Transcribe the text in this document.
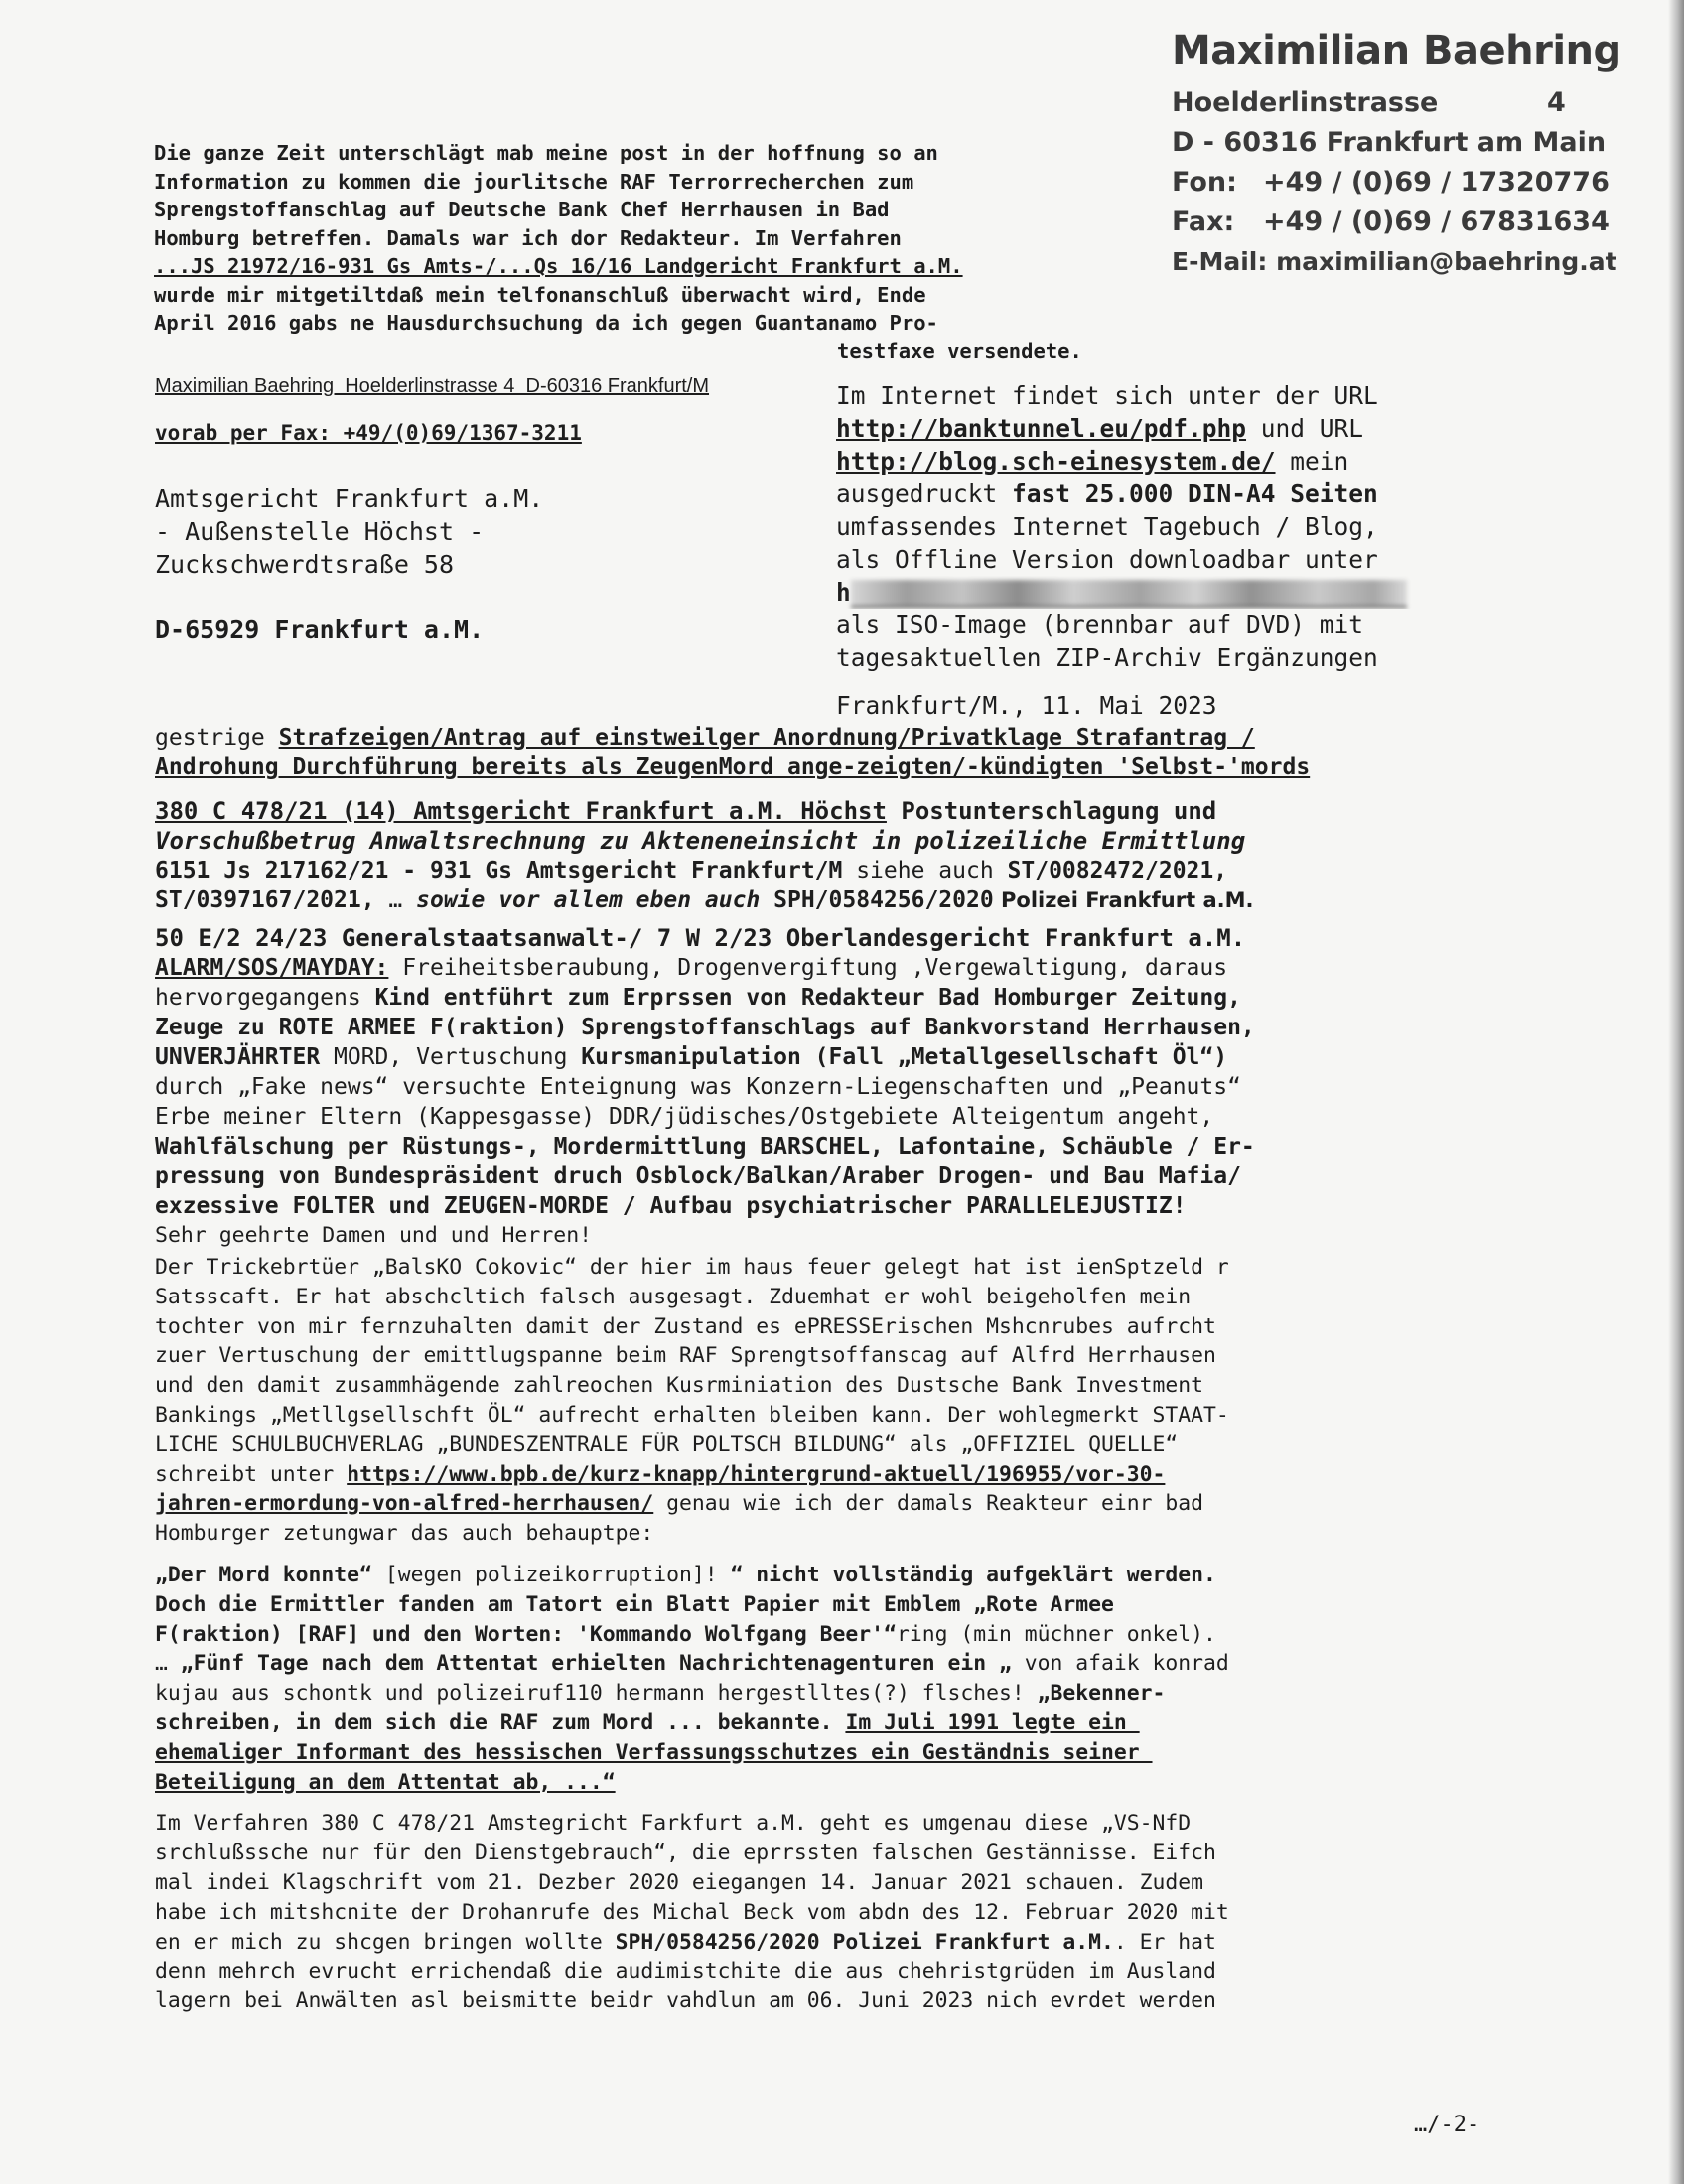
Maximilian Baehring
Hoelderlinstrasse	4
D - 60316 Frankfurt am Main
Fon: +49 / (0)69 / 17320776
Fax: +49 / (0)69 / 67831634
E-Mail: maximilian@baehring.at
Die ganze Zeit unterschlägt mab meine post in der hoffnung so an
Information zu kommen die jourlitsche RAF Terrorrecherchen zum
Sprengstoffanschlag auf Deutsche Bank Chef Herrhausen in Bad
Homburg betreffen. Damals war ich dor Redakteur. Im Verfahren
...JS 21972/16-931 Gs Amts-/...Qs 16/16 Landgericht Frankfurt a.M.
wurde mir mitgetiltdaß mein telfonanschluß überwacht wird, Ende
April 2016 gabs ne Hausdurchsuchung da ich gegen Guantanamo Pro-
testfaxe versendete.
Maximilian Baehring  Hoelderlinstrasse 4  D-60316 Frankfurt/M
vorab per Fax: +49/(0)69/1367-3211
Amtsgericht Frankfurt a.M.
- Außenstelle Höchst -
Zuckschwerdtsraße 58
D-65929 Frankfurt a.M.
Im Internet findet sich unter der URL
http://banktunnel.eu/pdf.php und URL
http://blog.sch-einesystem.de/ mein
ausgedruckt fast 25.000 DIN-A4 Seiten
umfassendes Internet Tagebuch / Blog,
als Offline Version downloadbar unter
h
als ISO-Image (brennbar auf DVD) mit
tagesaktuellen ZIP-Archiv Ergänzungen
Frankfurt/M., 11. Mai 2023
gestrige Strafzeigen/Antrag auf einstweilger Anordnung/Privatklage Strafantrag /
Androhung Durchführung bereits als ZeugenMord ange-zeigten/-kündigten 'Selbst-'mords
380 C 478/21 (14) Amtsgericht Frankfurt a.M. Höchst Postunterschlagung und
Vorschußbetrug Anwaltsrechnung zu Akteneneinsicht in polizeiliche Ermittlung
6151 Js 217162/21 - 931 Gs Amtsgericht Frankfurt/M siehe auch ST/0082472/2021,
ST/0397167/2021, … sowie vor allem eben auch SPH/0584256/2020 Polizei Frankfurt a.M.
50 E/2 24/23 Generalstaatsanwalt-/ 7 W 2/23 Oberlandesgericht Frankfurt a.M.
ALARM/SOS/MAYDAY: Freiheitsberaubung, Drogenvergiftung ,Vergewaltigung, daraus
hervorgegangens Kind entführt zum Erprssen von Redakteur Bad Homburger Zeitung,
Zeuge zu ROTE ARMEE F(raktion) Sprengstoffanschlags auf Bankvorstand Herrhausen,
UNVERJÄHRTER MORD, Vertuschung Kursmanipulation (Fall „Metallgesellschaft Öl“)
durch „Fake news“ versuchte Enteignung was Konzern-Liegenschaften und „Peanuts“
Erbe meiner Eltern (Kappesgasse) DDR/jüdisches/Ostgebiete Alteigentum angeht,
Wahlfälschung per Rüstungs-, Mordermittlung BARSCHEL, Lafontaine, Schäuble / Er-
pressung von Bundespräsident druch Osblock/Balkan/Araber Drogen- und Bau Mafia/
exzessive FOLTER und ZEUGEN-MORDE / Aufbau psychiatrischer PARALLELEJUSTIZ!
Sehr geehrte Damen und und Herren!
Der Trickebrtüer „BalsKO Cokovic“ der hier im haus feuer gelegt hat ist ienSptzeld r
Satsscaft. Er hat abschcltich falsch ausgesagt. Zduemhat er wohl beigeholfen mein
tochter von mir fernzuhalten damit der Zustand es ePRESSErischen Mshcnrubes aufrcht
zuer Vertuschung der emittlugspanne beim RAF Sprengtsoffanscag auf Alfrd Herrhausen
und den damit zusammhägende zahlreochen Kusrminiation des Dustsche Bank Investment
Bankings „Metllgsellschft ÖL“ aufrecht erhalten bleiben kann. Der wohlegmerkt STAAT-
LICHE SCHULBUCHVERLAG „BUNDESZENTRALE FÜR POLTSCH BILDUNG“ als „OFFIZIEL QUELLE“
schreibt unter https://www.bpb.de/kurz-knapp/hintergrund-aktuell/196955/vor-30-
jahren-ermordung-von-alfred-herrhausen/ genau wie ich der damals Reakteur einr bad
Homburger zetungwar das auch behauptpe:
„Der Mord konnte“ [wegen polizeikorruption]! “ nicht vollständig aufgeklärt werden.
Doch die Ermittler fanden am Tatort ein Blatt Papier mit Emblem „Rote Armee
F(raktion) [RAF] und den Worten: 'Kommando Wolfgang Beer'“ring (min müchner onkel).
… „Fünf Tage nach dem Attentat erhielten Nachrichtenagenturen ein „ von afaik konrad
kujau aus schontk und polizeiruf110 hermann hergestlltes(?) flsches! „Bekenner-
schreiben, in dem sich die RAF zum Mord ... bekannte. Im Juli 1991 legte ein
ehemaliger Informant des hessischen Verfassungsschutzes ein Geständnis seiner
Beteiligung an dem Attentat ab, ...“
Im Verfahren 380 C 478/21 Amstegricht Farkfurt a.M. geht es umgenau diese „VS-NfD
srchlußssche nur für den Dienstgebrauch“, die eprrssten falschen Gestännisse. Eifch
mal indei Klagschrift vom 21. Dezber 2020 eiegangen 14. Januar 2021 schauen. Zudem
habe ich mitshcnite der Drohanrufe des Michal Beck vom abdn des 12. Februar 2020 mit
en er mich zu shcgen bringen wollte SPH/0584256/2020 Polizei Frankfurt a.M.. Er hat
denn mehrch evrucht errichendaß die audimistchite die aus chehristgrüden im Ausland
lagern bei Anwälten asl beismitte beidr vahdlun am 06. Juni 2023 nich evrdet werden
…/-2-
